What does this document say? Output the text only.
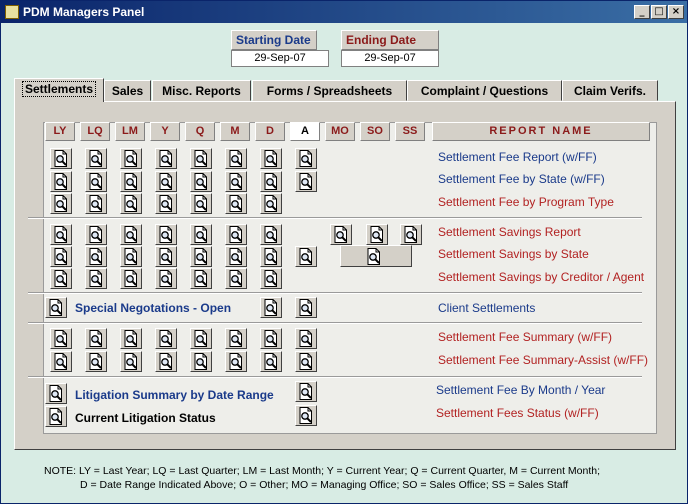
PDM Managers Panel	_ □ ×
Starting Date
29-Sep-07
Ending Date
29-Sep-07
Settlements	Sales	Misc. Reports	Forms / Spreadsheets	Complaint / Questions	Claim Verifs.
LY	LQ	LM	Y	Q	M	D	A	MO	SO	SS	REPORT NAME
Settlement Fee Report (w/FF)
Settlement Fee by State (w/FF)
Settlement Fee by Program Type
Settlement Savings Report
Settlement Savings by State
Settlement Savings by Creditor / Agent
Special Negotations - Open	Client Settlements
Settlement Fee Summary (w/FF)
Settlement Fee Summary-Assist (w/FF)
Litigation Summary by Date Range
Current Litigation Status
Settlement Fee By Month / Year
Settlement Fees Status (w/FF)
NOTE: LY = Last Year; LQ = Last Quarter; LM = Last Month; Y = Current Year; Q = Current Quarter, M = Current Month;
D = Date Range Indicated Above; O = Other; MO = Managing Office; SO = Sales Office; SS = Sales Staff
